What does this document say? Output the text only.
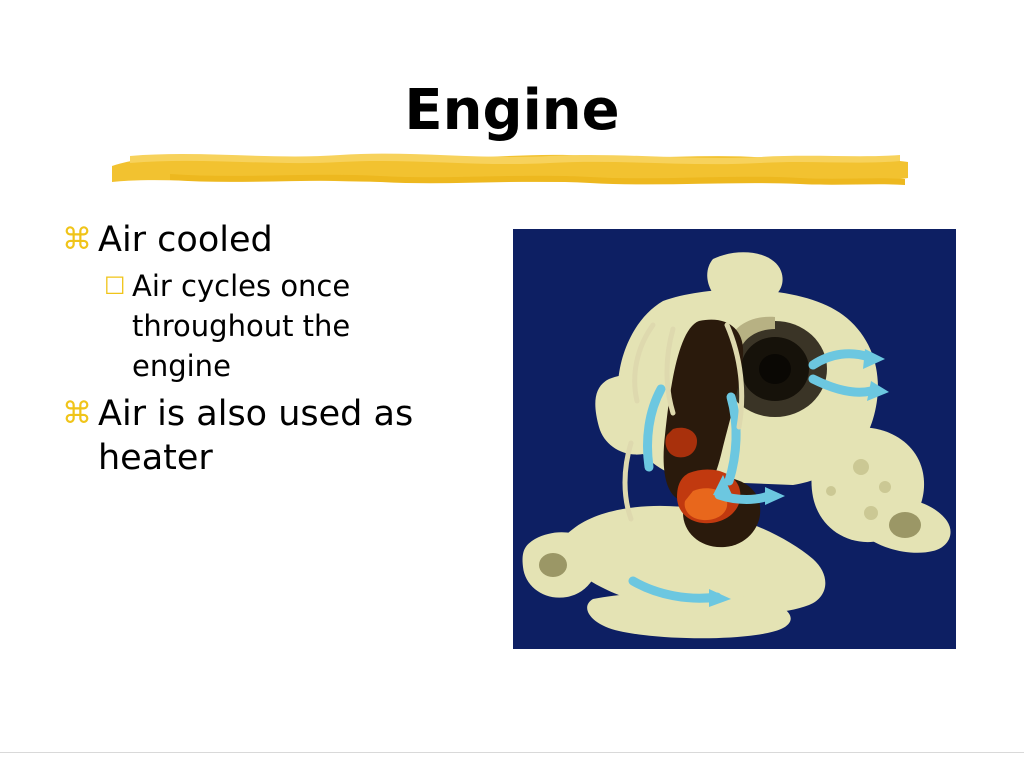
Engine
⌘ Air cooled
☐ Air cycles once throughout the engine
⌘ Air is also used as heater
